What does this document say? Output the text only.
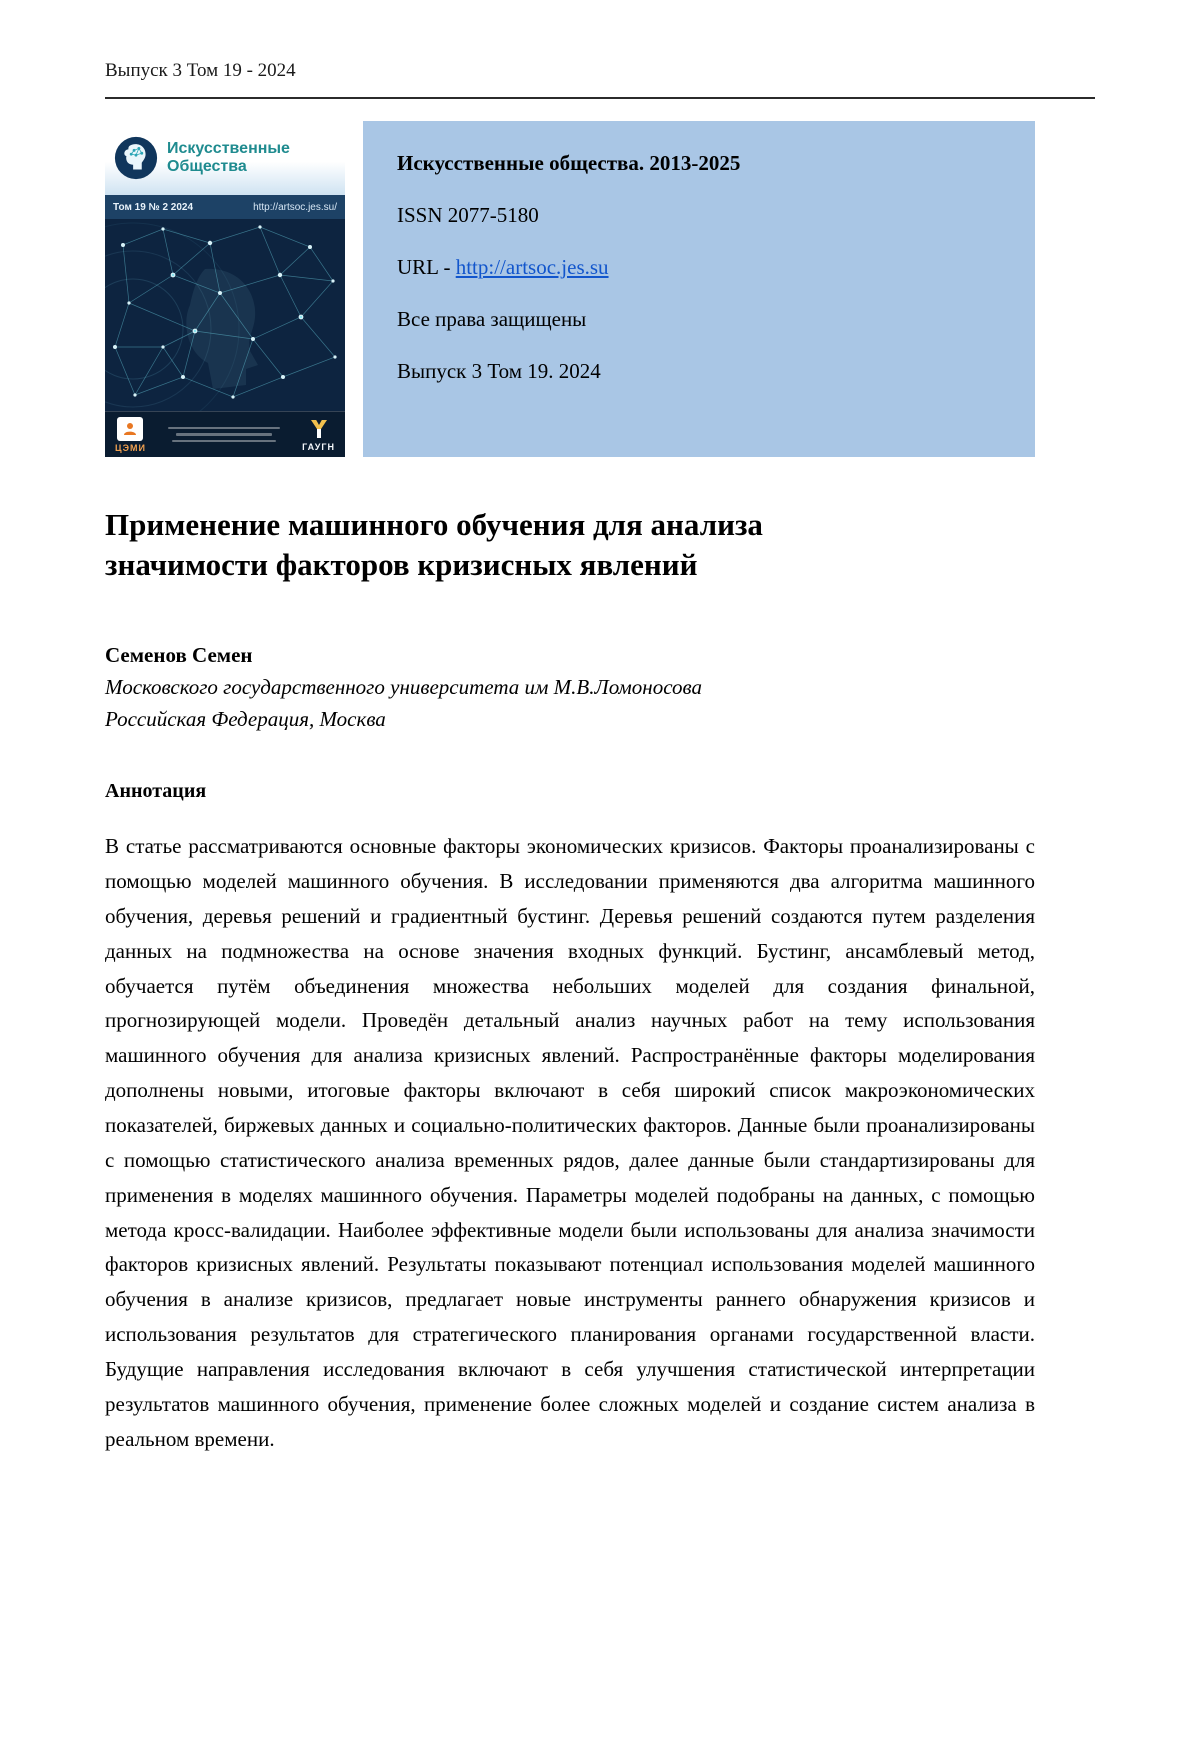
Выпуск 3 Том 19 - 2024
Искусственные
Общества
Том 19 № 2 2024	http://artsoc.jes.su/
ЦЭМИ	ГАУГН

Искусственные общества. 2013-2025

ISSN 2077-5180

URL - http://artsoc.jes.su

Все права защищены

Выпуск 3 Том 19. 2024

Применение машинного обучения для анализа
значимости факторов кризисных явлений

Семенов Семен

Московского государственного университета им М.В.Ломоносова

Российская Федерация, Москва

Аннотация

В статье рассматриваются основные факторы экономических кризисов. Факторы проанализированы с помощью моделей машинного обучения. В исследовании применяются два алгоритма машинного обучения, деревья решений и градиентный бустинг. Деревья решений создаются путем разделения данных на подмножества на основе значения входных функций. Бустинг, ансамблевый метод, обучается путём объединения множества небольших моделей для создания финальной, прогнозирующей модели. Проведён детальный анализ научных работ на тему использования машинного обучения для анализа кризисных явлений. Распространённые факторы моделирования дополнены новыми, итоговые факторы включают в себя широкий список макроэкономических показателей, биржевых данных и социально-политических факторов. Данные были проанализированы с помощью статистического анализа временных рядов, далее данные были стандартизированы для применения в моделях машинного обучения. Параметры моделей подобраны на данных, с помощью метода кросс-валидации. Наиболее эффективные модели были использованы для анализа значимости факторов кризисных явлений. Результаты показывают потенциал использования моделей машинного обучения в анализе кризисов, предлагает новые инструменты раннего обнаружения кризисов и использования результатов для стратегического планирования органами государственной власти. Будущие направления исследования включают в себя улучшения статистической интерпретации результатов машинного обучения, применение более сложных моделей и создание систем анализа в реальном времени.
